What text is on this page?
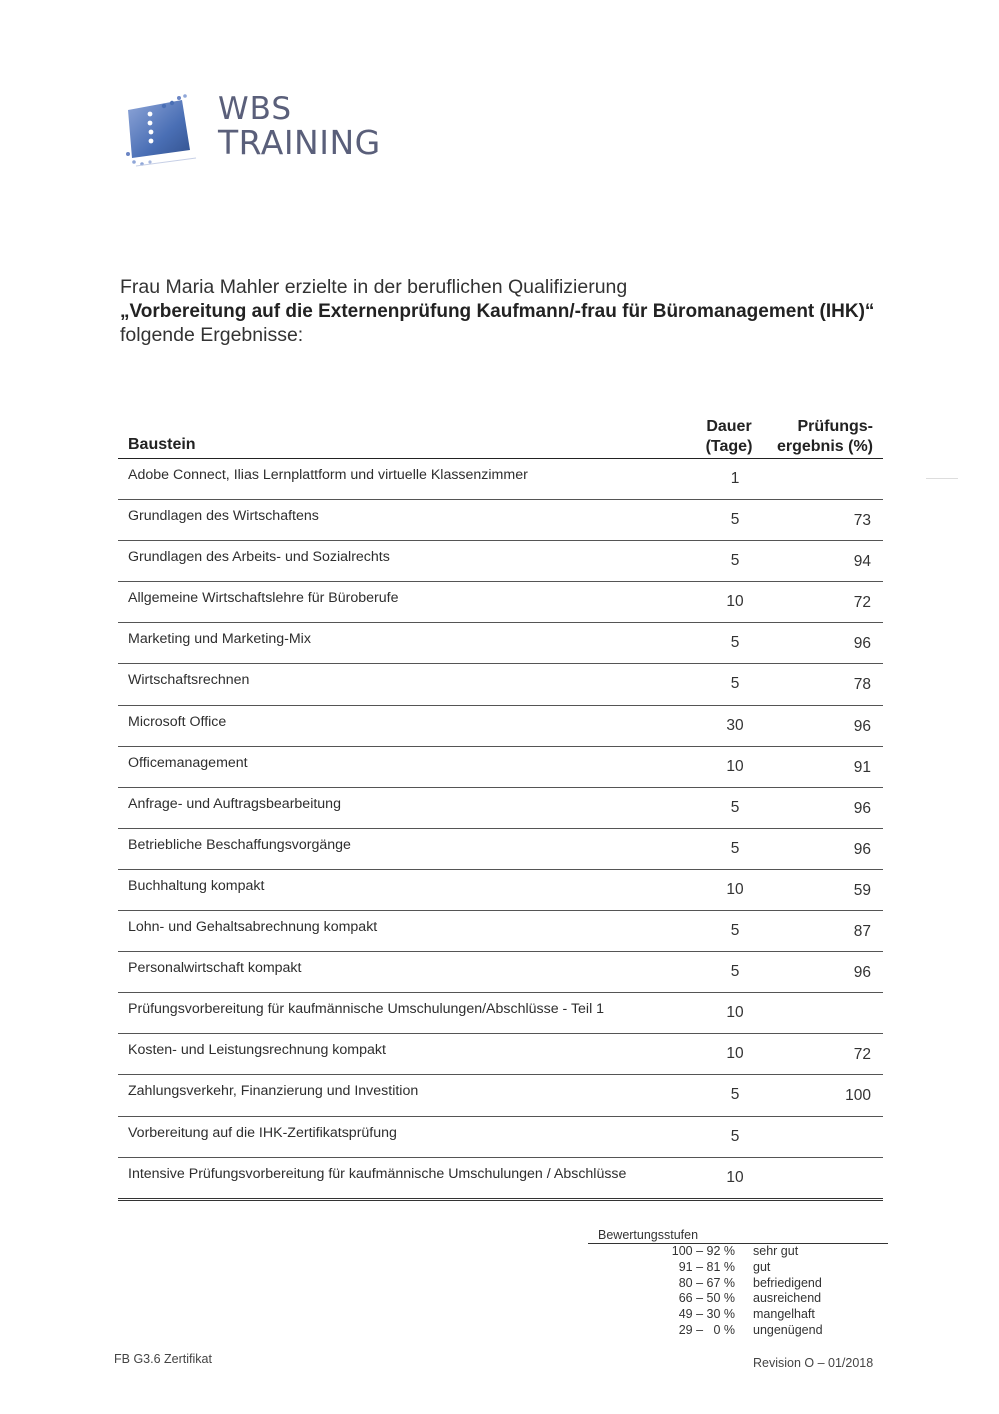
WBS
TRAINING
Frau Maria Mahler erzielte in der beruflichen Qualifizierung
„Vorbereitung auf die Externenprüfung Kaufmann/-frau für Büromanagement (IHK)“
folgende Ergebnisse:
Baustein
Dauer
(Tage)
Prüfungs-
ergebnis (%)
Adobe Connect, Ilias Lernplattform und virtuelle Klassenzimmer	1
Grundlagen des Wirtschaftens	5	73
Grundlagen des Arbeits- und Sozialrechts	5	94
Allgemeine Wirtschaftslehre für Büroberufe	10	72
Marketing und Marketing-Mix	5	96
Wirtschaftsrechnen	5	78
Microsoft Office	30	96
Officemanagement	10	91
Anfrage- und Auftragsbearbeitung	5	96
Betriebliche Beschaffungsvorgänge	5	96
Buchhaltung kompakt	10	59
Lohn- und Gehaltsabrechnung kompakt	5	87
Personalwirtschaft kompakt	5	96
Prüfungsvorbereitung für kaufmännische Umschulungen/Abschlüsse - Teil 1	10
Kosten- und Leistungsrechnung kompakt	10	72
Zahlungsverkehr, Finanzierung und Investition	5	100
Vorbereitung auf die IHK-Zertifikatsprüfung	5
Intensive Prüfungsvorbereitung für kaufmännische Umschulungen / Abschlüsse	10
Bewertungsstufen
100 – 92 % sehr gut
91 – 81 % gut
80 – 67 % befriedigend
66 – 50 % ausreichend
49 – 30 % mangelhaft
29 –   0 % ungenügend
FB G3.6 Zertifikat	Revision O – 01/2018
